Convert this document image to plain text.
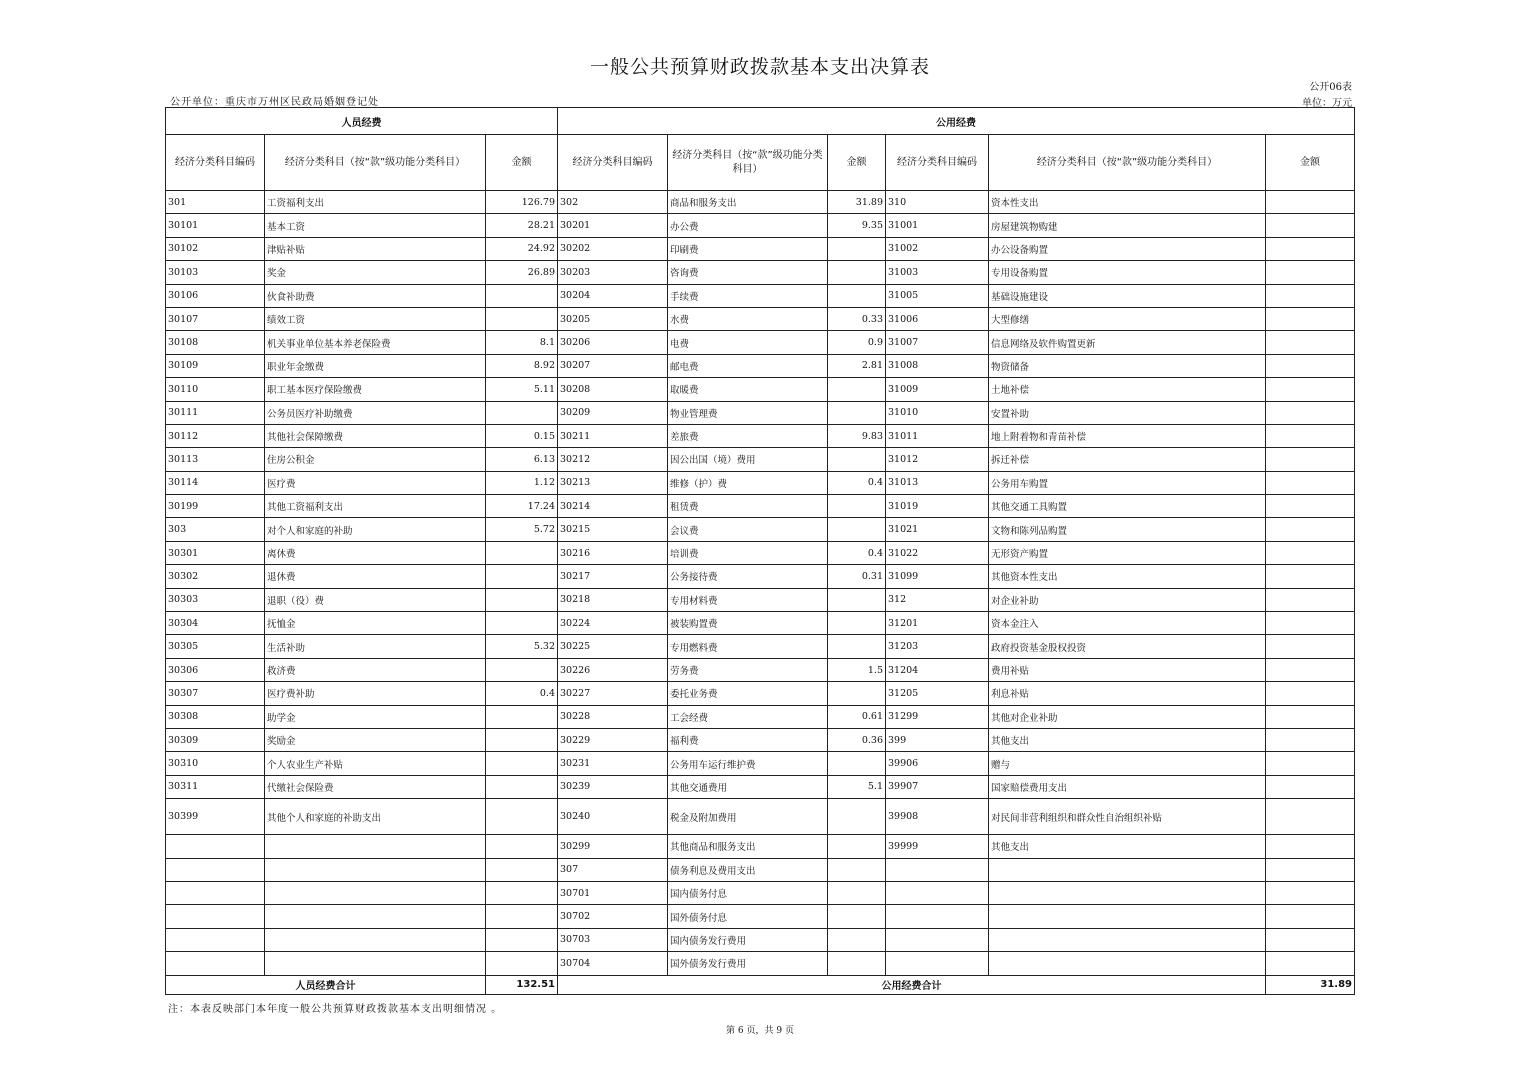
一般公共预算财政拨款基本支出决算表
公开06表
公开单位：重庆市万州区民政局婚姻登记处	单位：万元
人员经费			公用经费					
经济分类科目编码	经济分类科目（按“款”级功能分类科目）	金额	经济分类科目编码	经济分类科目（按“款”级功能分类科目）	金额	经济分类科目编码	经济分类科目（按“款”级功能分类科目）	金额
301	工资福利支出	126.79	302	商品和服务支出	31.89	310	资本性支出	
30101	基本工资	28.21	30201	办公费	9.35	31001	房屋建筑物购建	
30102	津贴补贴	24.92	30202	印刷费		31002	办公设备购置	
30103	奖金	26.89	30203	咨询费		31003	专用设备购置	
30106	伙食补助费		30204	手续费		31005	基础设施建设	
30107	绩效工资		30205	水费	0.33	31006	大型修缮	
30108	机关事业单位基本养老保险费	8.1	30206	电费	0.9	31007	信息网络及软件购置更新	
30109	职业年金缴费	8.92	30207	邮电费	2.81	31008	物资储备	
30110	职工基本医疗保险缴费	5.11	30208	取暖费		31009	土地补偿	
30111	公务员医疗补助缴费		30209	物业管理费		31010	安置补助	
30112	其他社会保障缴费	0.15	30211	差旅费	9.83	31011	地上附着物和青苗补偿	
30113	住房公积金	6.13	30212	因公出国（境）费用		31012	拆迁补偿	
30114	医疗费	1.12	30213	维修（护）费	0.4	31013	公务用车购置	
30199	其他工资福利支出	17.24	30214	租赁费		31019	其他交通工具购置	
303	对个人和家庭的补助	5.72	30215	会议费		31021	文物和陈列品购置	
30301	离休费		30216	培训费	0.4	31022	无形资产购置	
30302	退休费		30217	公务接待费	0.31	31099	其他资本性支出	
30303	退职（役）费		30218	专用材料费		312	对企业补助	
30304	抚恤金		30224	被装购置费		31201	资本金注入	
30305	生活补助	5.32	30225	专用燃料费		31203	政府投资基金股权投资	
30306	救济费		30226	劳务费	1.5	31204	费用补贴	
30307	医疗费补助	0.4	30227	委托业务费		31205	利息补贴	
30308	助学金		30228	工会经费	0.61	31299	其他对企业补助	
30309	奖励金		30229	福利费	0.36	399	其他支出	
30310	个人农业生产补贴		30231	公务用车运行维护费		39906	赠与	
30311	代缴社会保险费		30239	其他交通费用	5.1	39907	国家赔偿费用支出	
30399	其他个人和家庭的补助支出		30240	税金及附加费用		39908	对民间非营利组织和群众性自治组织补贴	
			30299	其他商品和服务支出		39999	其他支出	
			307	债务利息及费用支出				
			30701	国内债务付息				
			30702	国外债务付息				
			30703	国内债务发行费用				
			30704	国外债务发行费用				
人员经费合计		132.51	公用经费合计					31.89
注：本表反映部门本年度一般公共预算财政拨款基本支出明细情况 。
第 6 页，共 9 页
